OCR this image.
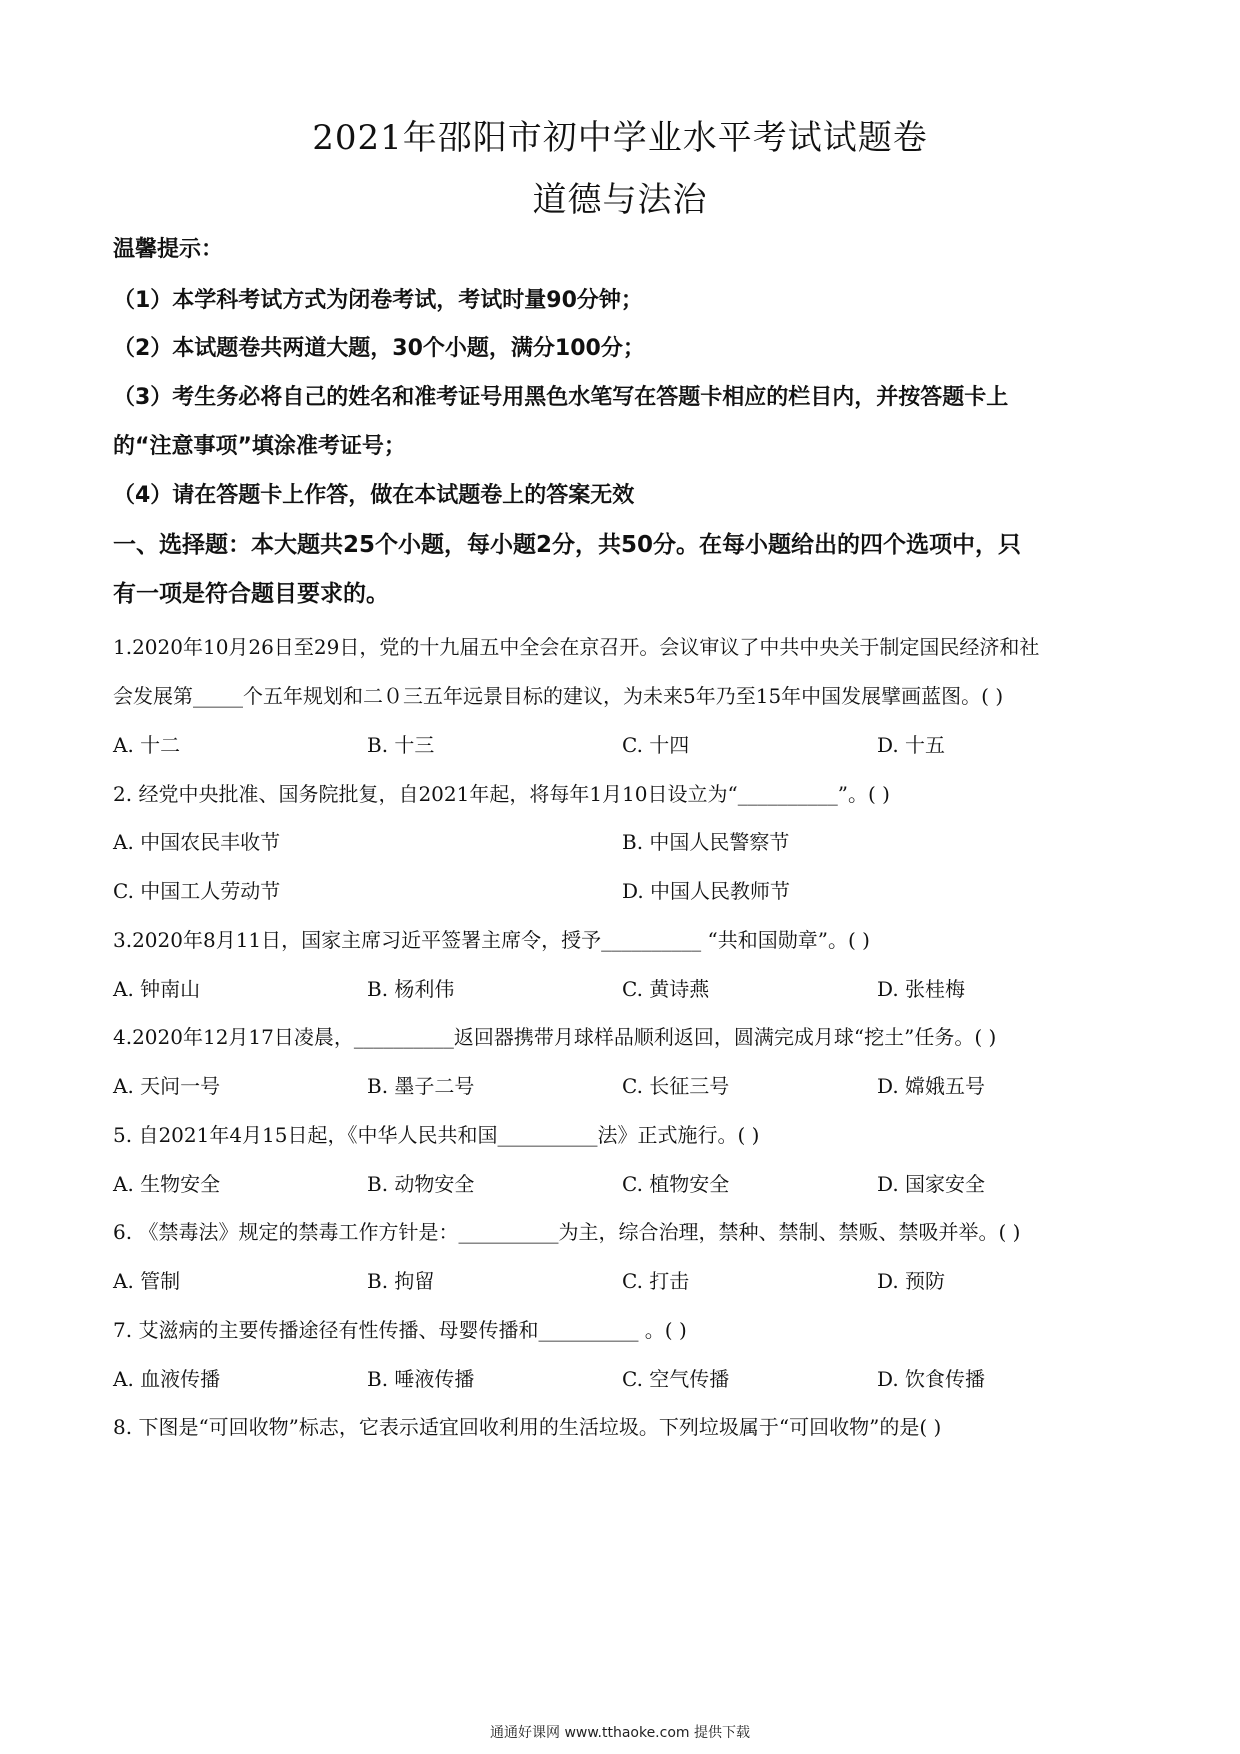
2021年邵阳市初中学业水平考试试题卷
道德与法治
温馨提示：
（1）本学科考试方式为闭卷考试，考试时量90分钟；
（2）本试题卷共两道大题，30个小题，满分100分；
（3）考生务必将自己的姓名和准考证号用黑色水笔写在答题卡相应的栏目内，并按答题卡上
的“注意事项”填涂准考证号；
（4）请在答题卡上作答，做在本试题卷上的答案无效
一、选择题：本大题共25个小题，每小题2分，共50分。在每小题给出的四个选项中，只
有一项是符合题目要求的。
1.2020年10月26日至29日，党的十九届五中全会在京召开。会议审议了中共中央关于制定国民经济和社
会发展第_____个五年规划和二０三五年远景目标的建议，为未来5年乃至15年中国发展擘画蓝图。( )
A. 十二	B. 十三	C. 十四	D. 十五
2. 经党中央批准、国务院批复，自2021年起，将每年1月10日设立为“__________”。( )
A. 中国农民丰收节	B. 中国人民警察节
C. 中国工人劳动节	D. 中国人民教师节
3.2020年8月11日，国家主席习近平签署主席令，授予__________ “共和国勋章”。( )
A. 钟南山	B. 杨利伟	C. 黄诗燕	D. 张桂梅
4.2020年12月17日凌晨，__________返回器携带月球样品顺利返回，圆满完成月球“挖土”任务。( )
A. 天问一号	B. 墨子二号	C. 长征三号	D. 嫦娥五号
5. 自2021年4月15日起，《中华人民共和国__________法》正式施行。( )
A. 生物安全	B. 动物安全	C. 植物安全	D. 国家安全
6. 《禁毒法》规定的禁毒工作方针是：__________为主，综合治理，禁种、禁制、禁贩、禁吸并举。( )
A. 管制	B. 拘留	C. 打击	D. 预防
7. 艾滋病的主要传播途径有性传播、母婴传播和__________ 。( )
A. 血液传播	B. 唾液传播	C. 空气传播	D. 饮食传播
8. 下图是“可回收物”标志，它表示适宜回收利用的生活垃圾。下列垃圾属于“可回收物”的是( )
通通好课网 www.tthaoke.com 提供下载
